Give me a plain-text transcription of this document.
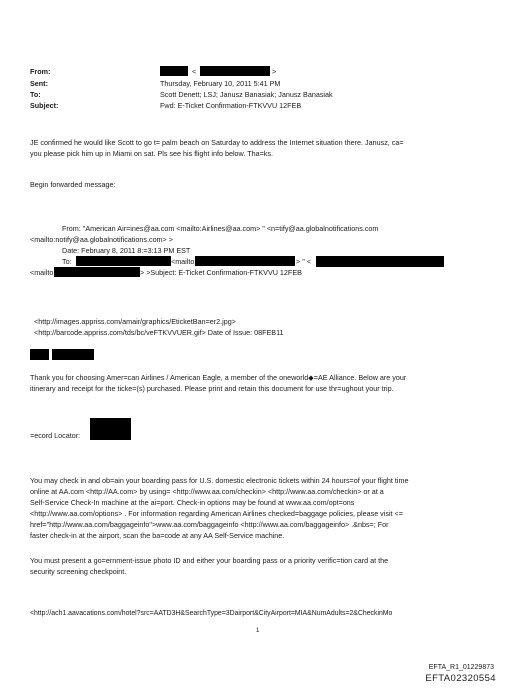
From:	<	>
Sent:	Thursday, February 10, 2011 5:41 PM
To:	Scott Denett; LSJ; Janusz Banasiak; Janusz Banasiak
Subject:	Fwd: E-Ticket Confirmation-FTKVVU 12FEB
JE confirmed he would like Scott to go t= palm beach on Saturday to address the Internet situation there. Janusz, ca=
you please pick him up in Miami on sat. Pls see his flight info below. Tha=ks.
Begin forwarded message:
From: "American Air=ines@aa.com <mailto:Airlines@aa.com> " <n=tify@aa.globalnotifications.com
<mailto:notify@aa.globalnotifications.com> >
Date: February 8, 2011 8:=3:13 PM EST
To:	<mailto	> " <
<mailto	> >Subject: E-Ticket Confirmation-FTKVVU 12FEB
<http://images.appriss.com/amair/graphics/EticketBan=er2.jpg>
<http://barcode.appriss.com/tds/bc/veFTKVVUER.gif> Date of Issue: 08FEB11
Thank you for choosing Amer=can Airlines / American Eagle, a member of the oneworld◆=AE Alliance. Below are your
itinerary and receipt for the ticke=(s) purchased. Please print and retain this document for use thr=ughout your trip.
=ecord Locator:
You may check in and ob=ain your boarding pass for U.S. domestic electronic tickets within 24 hours=of your flight time
online at AA.com <http://AA.com> by using= <http://www.aa.com/checkin> <http://www.aa.com/checkin> or at a
Self-Service Check-In machine at the ai=port. Check-in options may be found at www.aa.com/opt=ons
<http://www.aa.com/options> . For information regarding American Airlines checked=baggage policies, please visit <=
href="http://www.aa.com/baggageinfo">www.aa.com/baggageinfo <http://www.aa.com/baggageinfo> .&nbs=; For
faster check-in at the airport, scan the ba=code at any AA Self-Service machine.
You must present a go=ernment-issue photo ID and either your boarding pass or a priority verific=tion card at the
security screening checkpoint.
<http://ach1.aavacations.com/hotel?src=AATD3H&SearchType=3Dairport&CityAirport=MIA&NumAdults=2&CheckinMo
1
EFTA_R1_01229873
EFTA02320554
